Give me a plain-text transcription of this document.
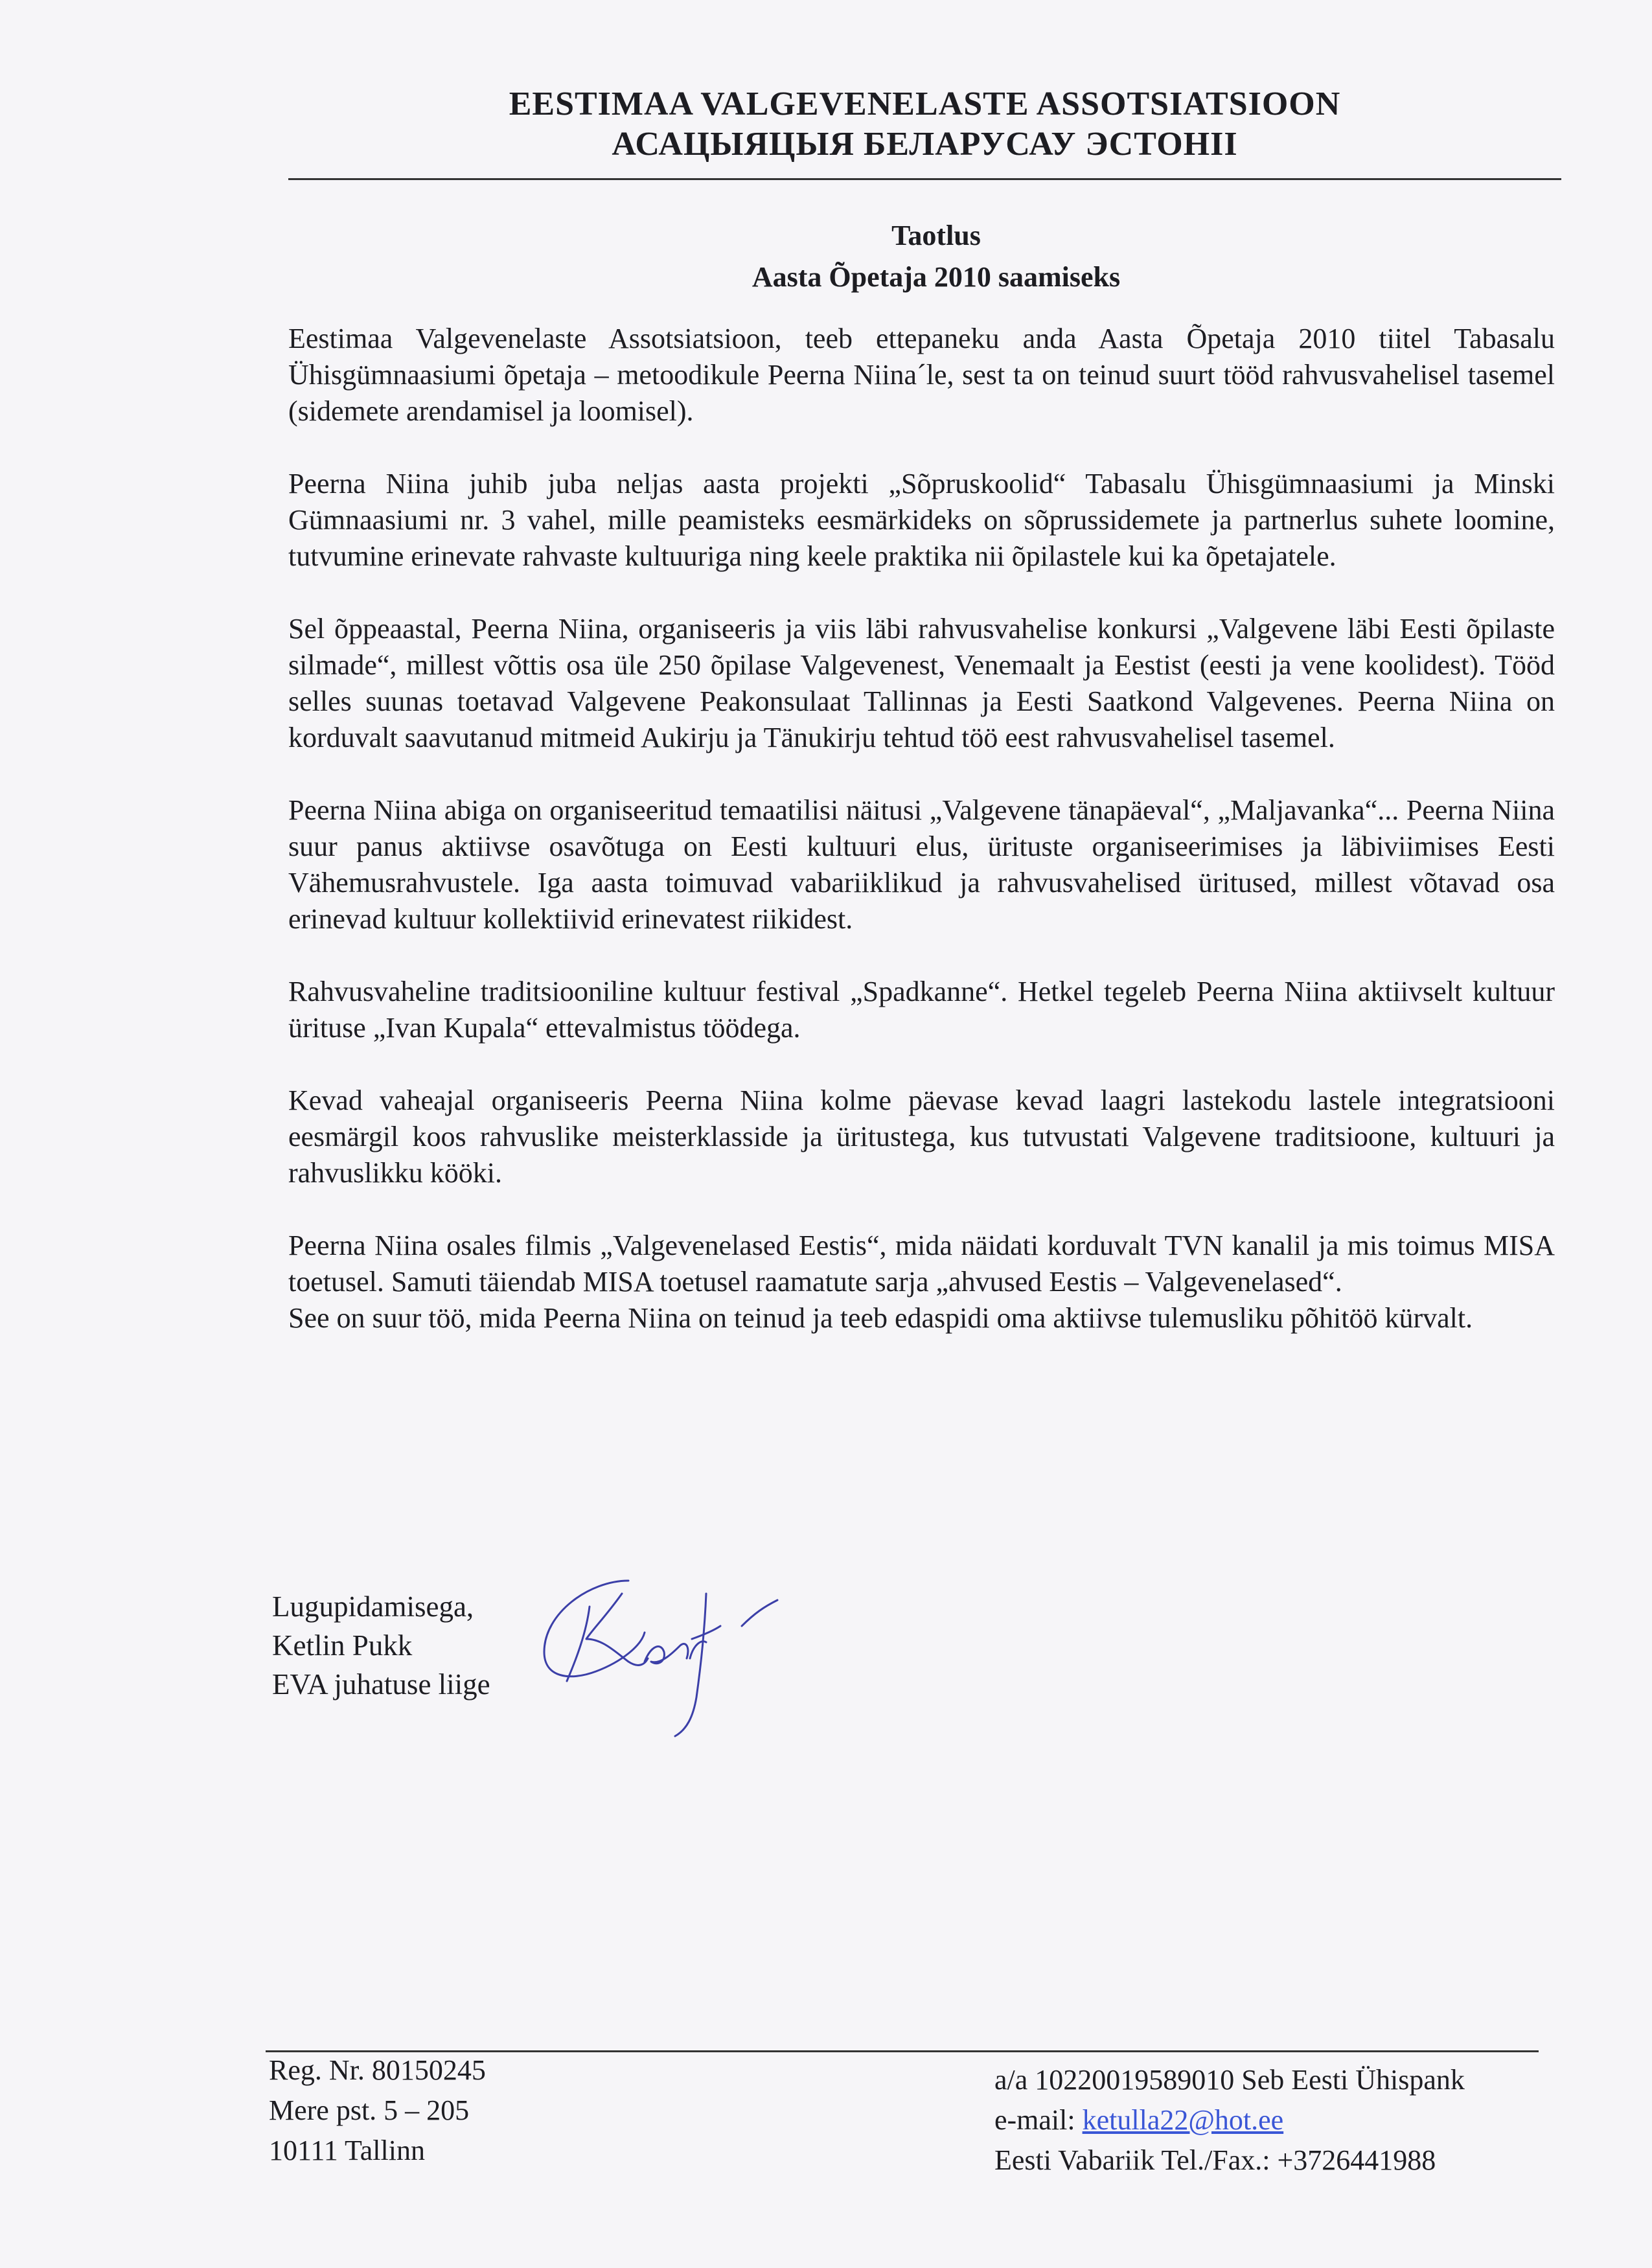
EESTIMAA VALGEVENELASTE ASSOTSIATSIOON
АСАЦЫЯЦЫЯ БЕЛАРУСАУ ЭСТОНІІ
Taotlus
Aasta Õpetaja 2010 saamiseks

Eestimaa Valgevenelaste Assotsiatsioon, teeb ettepaneku anda Aasta Õpetaja 2010 tiitel Tabasalu Ühisgümnaasiumi õpetaja – metoodikule Peerna Niina´le, sest ta on teinud suurt tööd rahvusvahelisel tasemel (sidemete arendamisel ja loomisel).

Peerna Niina juhib juba neljas aasta projekti „Sõpruskoolid“ Tabasalu Ühisgümnaasiumi ja Minski Gümnaasiumi nr. 3 vahel, mille peamisteks eesmärkideks on sõprussidemete ja partnerlus suhete loomine, tutvumine erinevate rahvaste kultuuriga ning keele praktika nii õpilastele kui ka õpetajatele.

Sel õppeaastal, Peerna Niina, organiseeris ja viis läbi rahvusvahelise konkursi „Valgevene läbi Eesti õpilaste silmade“, millest võttis osa üle 250 õpilase Valgevenest, Venemaalt ja Eestist (eesti ja vene koolidest). Tööd selles suunas toetavad Valgevene Peakonsulaat Tallinnas ja Eesti Saatkond Valgevenes. Peerna Niina on korduvalt saavutanud mitmeid Aukirju ja Tänukirju tehtud töö eest rahvusvahelisel tasemel.

Peerna Niina abiga on organiseeritud temaatilisi näitusi „Valgevene tänapäeval“, „Maljavanka“... Peerna Niina suur panus aktiivse osavõtuga on Eesti kultuuri elus, ürituste organiseerimises ja läbiviimises Eesti Vähemusrahvustele. Iga aasta toimuvad vabariiklikud ja rahvusvahelised üritused, millest võtavad osa erinevad kultuur kollektiivid erinevatest riikidest.

Rahvusvaheline traditsiooniline kultuur festival „Spadkanne“. Hetkel tegeleb Peerna Niina aktiivselt kultuur ürituse „Ivan Kupala“ ettevalmistus töödega.

Kevad vaheajal organiseeris Peerna Niina kolme päevase kevad laagri lastekodu lastele integratsiooni eesmärgil koos rahvuslike meisterklasside ja üritustega, kus tutvustati Valgevene traditsioone, kultuuri ja rahvuslikku kööki.

Peerna Niina osales filmis „Valgevenelased Eestis“, mida näidati korduvalt TVN kanalil ja mis toimus MISA toetusel. Samuti täiendab MISA toetusel raamatute sarja „ahvused Eestis – Valgevenelased“.

See on suur töö, mida Peerna Niina on teinud ja teeb edaspidi oma aktiivse tulemusliku põhitöö kürvalt.

Lugupidamisega,
Ketlin Pukk
EVA juhatuse liige
Reg. Nr. 80150245
Mere pst. 5 – 205
10111 Tallinn
a/a 10220019589010 Seb Eesti Ühispank
e-mail: ketulla22@hot.ee
Eesti Vabariik Tel./Fax.: +3726441988
